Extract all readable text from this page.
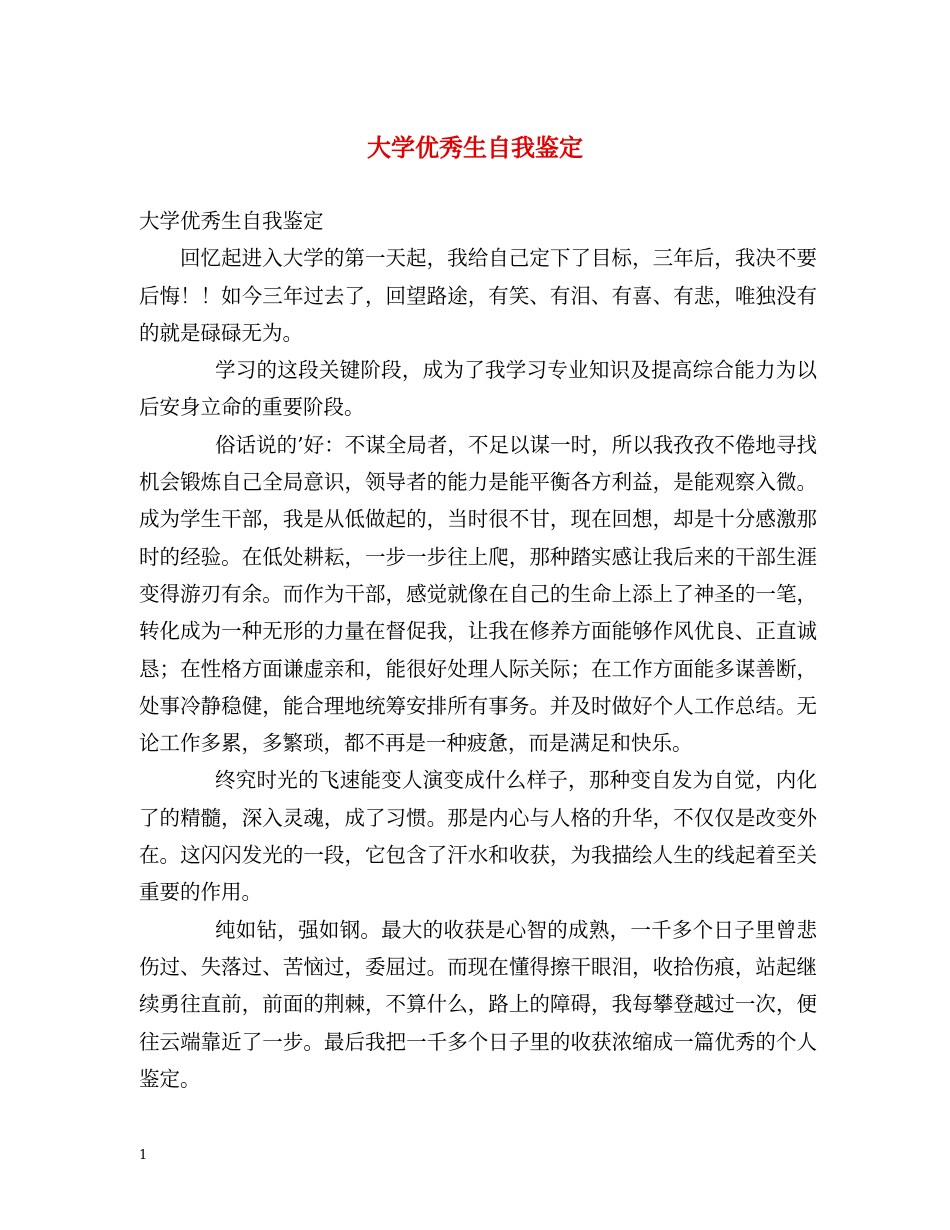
大学优秀生自我鉴定

大学优秀生自我鉴定

回忆起进入大学的第一天起，我给自己定下了目标，三年后，我决不要后悔！！如今三年过去了，回望路途，有笑、有泪、有喜、有悲，唯独没有的就是碌碌无为。

学习的这段关键阶段，成为了我学习专业知识及提高综合能力为以后安身立命的重要阶段。

俗话说的’好：不谋全局者，不足以谋一时，所以我孜孜不倦地寻找机会锻炼自己全局意识，领导者的能力是能平衡各方利益，是能观察入微。成为学生干部，我是从低做起的，当时很不甘，现在回想，却是十分感激那时的经验。在低处耕耘，一步一步往上爬，那种踏实感让我后来的干部生涯变得游刃有余。而作为干部，感觉就像在自己的生命上添上了神圣的一笔，转化成为一种无形的力量在督促我，让我在修养方面能够作风优良、正直诚恳；在性格方面谦虚亲和，能很好处理人际关际；在工作方面能多谋善断，处事冷静稳健，能合理地统筹安排所有事务。并及时做好个人工作总结。无论工作多累，多繁琐，都不再是一种疲惫，而是满足和快乐。

终究时光的飞速能变人演变成什么样子，那种变自发为自觉，内化了的精髓，深入灵魂，成了习惯。那是内心与人格的升华，不仅仅是改变外在。这闪闪发光的一段，它包含了汗水和收获，为我描绘人生的线起着至关重要的作用。

纯如钻，强如钢。最大的收获是心智的成熟，一千多个日子里曾悲伤过、失落过、苦恼过，委屈过。而现在懂得擦干眼泪，收拾伤痕，站起继续勇往直前，前面的荆棘，不算什么，路上的障碍，我每攀登越过一次，便往云端靠近了一步。最后我把一千多个日子里的收获浓缩成一篇优秀的个人鉴定。

1
